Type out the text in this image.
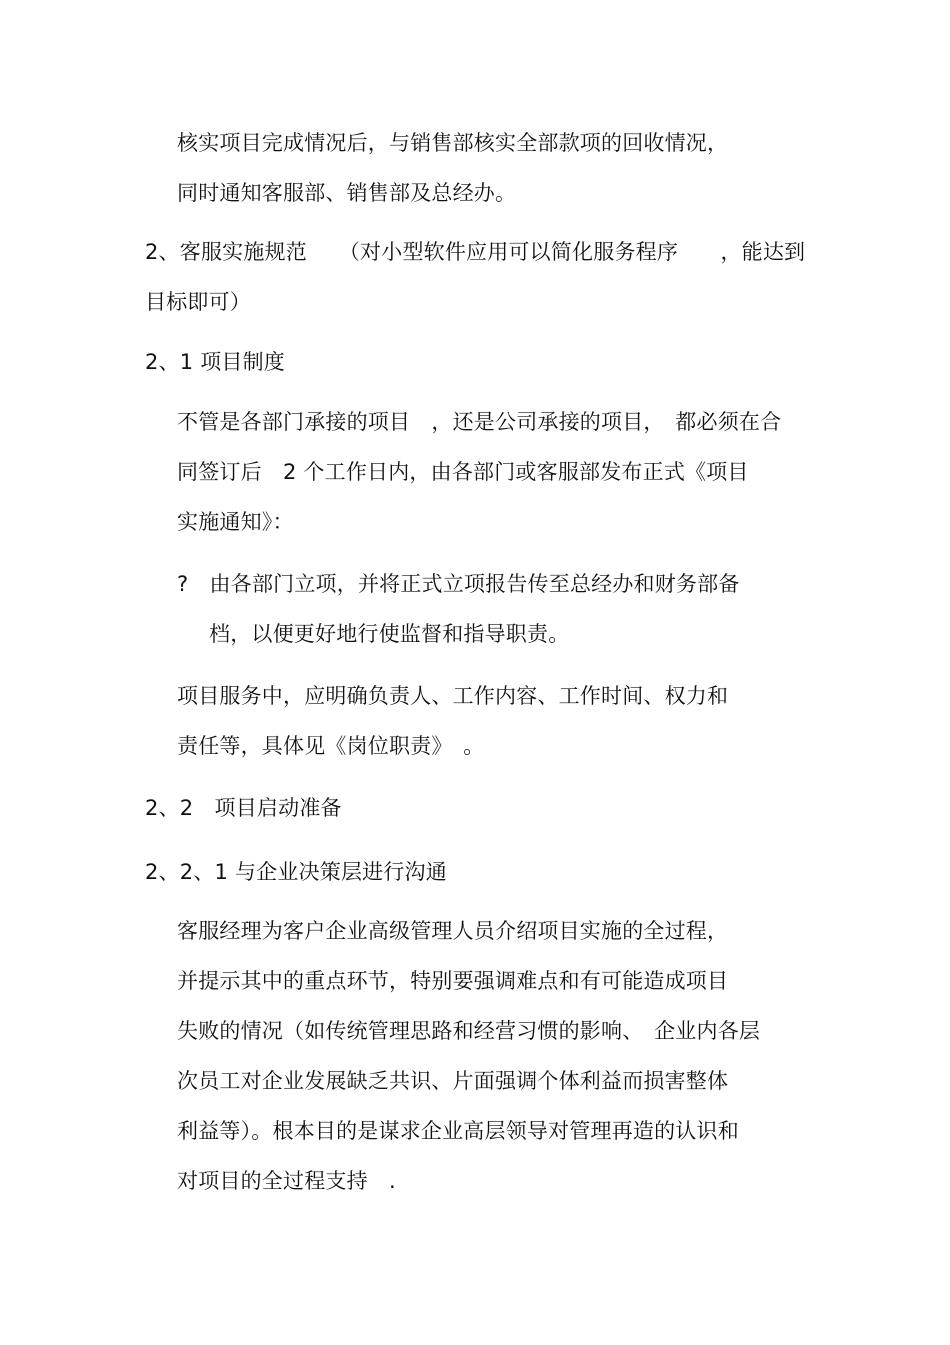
核实项目完成情况后，与销售部核实全部款项的回收情况，
同时通知客服部、销售部及总经办。
2、客服实施规范　　（对小型软件应用可以简化服务程序　　，能达到
目标即可）
2、1 项目制度
不管是各部门承接的项目　，还是公司承接的项目，　都必须在合
同签订后　2 个工作日内，由各部门或客服部发布正式《项目
实施通知》：
?　由各部门立项，并将正式立项报告传至总经办和财务部备
档，以便更好地行使监督和指导职责。
项目服务中，应明确负责人、工作内容、工作时间、权力和
责任等，具体见《岗位职责》　。
2、2　项目启动准备
2、2、1 与企业决策层进行沟通
客服经理为客户企业高级管理人员介绍项目实施的全过程，
并提示其中的重点环节，特别要强调难点和有可能造成项目
失败的情况（如传统管理思路和经营习惯的影响、　企业内各层
次员工对企业发展缺乏共识、片面强调个体利益而损害整体
利益等）。根本目的是谋求企业高层领导对管理再造的认识和
对项目的全过程支持　.
